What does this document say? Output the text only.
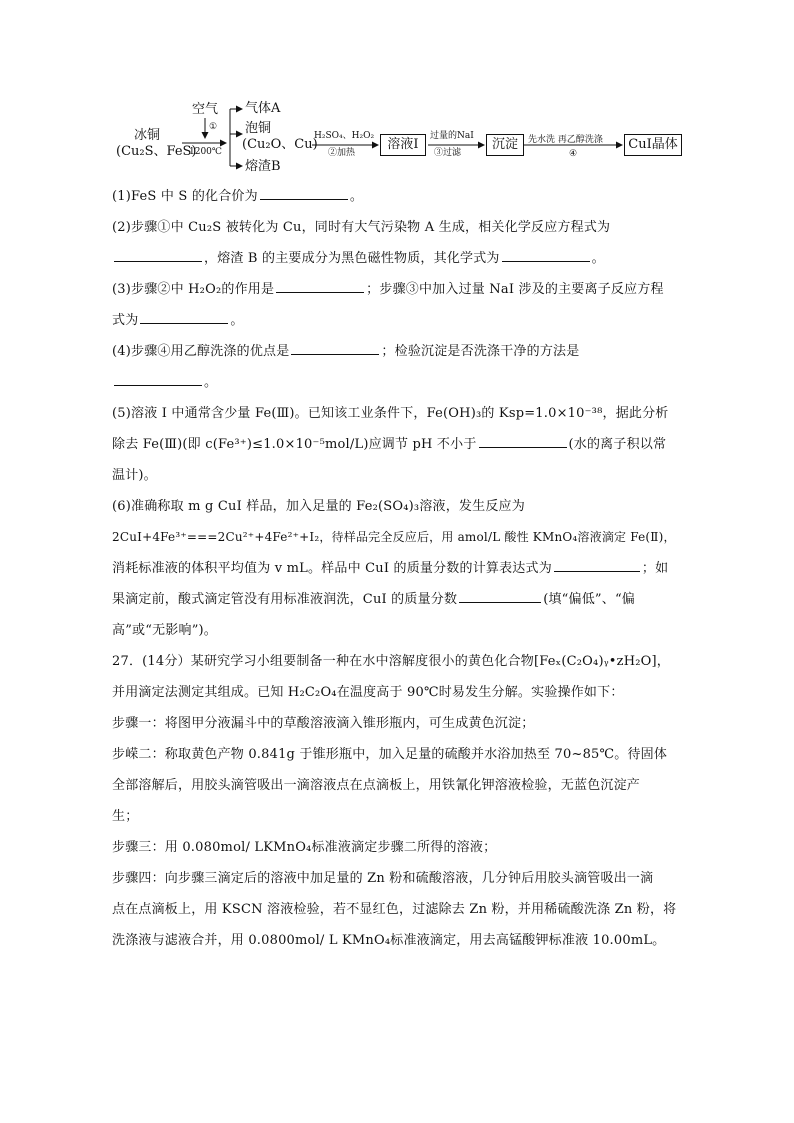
冰铜
(Cu₂S、FeS)
空气
①
1200℃
气体A
泡铜
(Cu₂O、Cu)
熔渣B
H₂SO₄、H₂O₂
②加热
溶液Ⅰ
过量的NaI
③过滤
沉淀	先水洗 再乙醇洗涤
④
CuI晶体
(1)FeS 中 S 的化合价为	。
(2)步骤①中 Cu₂S 被转化为 Cu，同时有大气污染物 A 生成，相关化学反应方程式为
，熔渣 B 的主要成分为黑色磁性物质，其化学式为	。
(3)步骤②中 H₂O₂的作用是	；步骤③中加入过量 NaI 涉及的主要离子反应方程
式为	。
(4)步骤④用乙醇洗涤的优点是	；检验沉淀是否洗涤干净的方法是
。
(5)溶液 I 中通常含少量 Fe(Ⅲ)。已知该工业条件下，Fe(OH)₃的 Ksp=1.0×10⁻³⁸，据此分析
除去 Fe(Ⅲ)(即 c(Fe³⁺)≤1.0×10⁻⁵mol/L)应调节 pH 不小于	(水的离子积以常
温计)。
(6)准确称取 m g CuI 样品，加入足量的 Fe₂(SO₄)₃溶液，发生反应为
2CuⅠ+4Fe³⁺===2Cu²⁺+4Fe²⁺+I₂，待样品完全反应后，用 amol/L 酸性 KMnO₄溶液滴定 Fe(Ⅱ)，
消耗标准液的体积平均值为 v mL。样品中 CuI 的质量分数的计算表达式为	；如
果滴定前，酸式滴定管没有用标准液润洗，CuI 的质量分数	(填“偏低”、“偏
高”或“无影响”)。
27．(14分）某研究学习小组要制备一种在水中溶解度很小的黄色化合物[Feₓ(C₂O₄)ᵧ•zH₂O]，
并用滴定法测定其组成。已知 H₂C₂O₄在温度高于 90℃时易发生分解。实验操作如下：
步骤一：将图甲分液漏斗中的草酸溶液滴入锥形瓶内，可生成黄色沉淀；
步嵘二：称取黄色产物 0.841g 于锥形瓶中，加入足量的硫酸并水浴加热至 70~85℃。待固体
全部溶解后，用胶头滴管吸出一滴溶液点在点滴板上，用铁氰化钾溶液检验，无蓝色沉淀产
生；
步骤三：用 0.080mol/ LKMnO₄标准液滴定步骤二所得的溶液；
步骤四：向步骤三滴定后的溶液中加足量的 Zn 粉和硫酸溶液，几分钟后用胶头滴管吸出一滴
点在点滴板上，用 KSCN 溶液检验，若不显红色，过滤除去 Zn 粉，并用稀硫酸洗涤 Zn 粉，将
洗涤液与滤液合并，用 0.0800mol/ L KMnO₄标准液滴定，用去高锰酸钾标准液 10.00mL。
